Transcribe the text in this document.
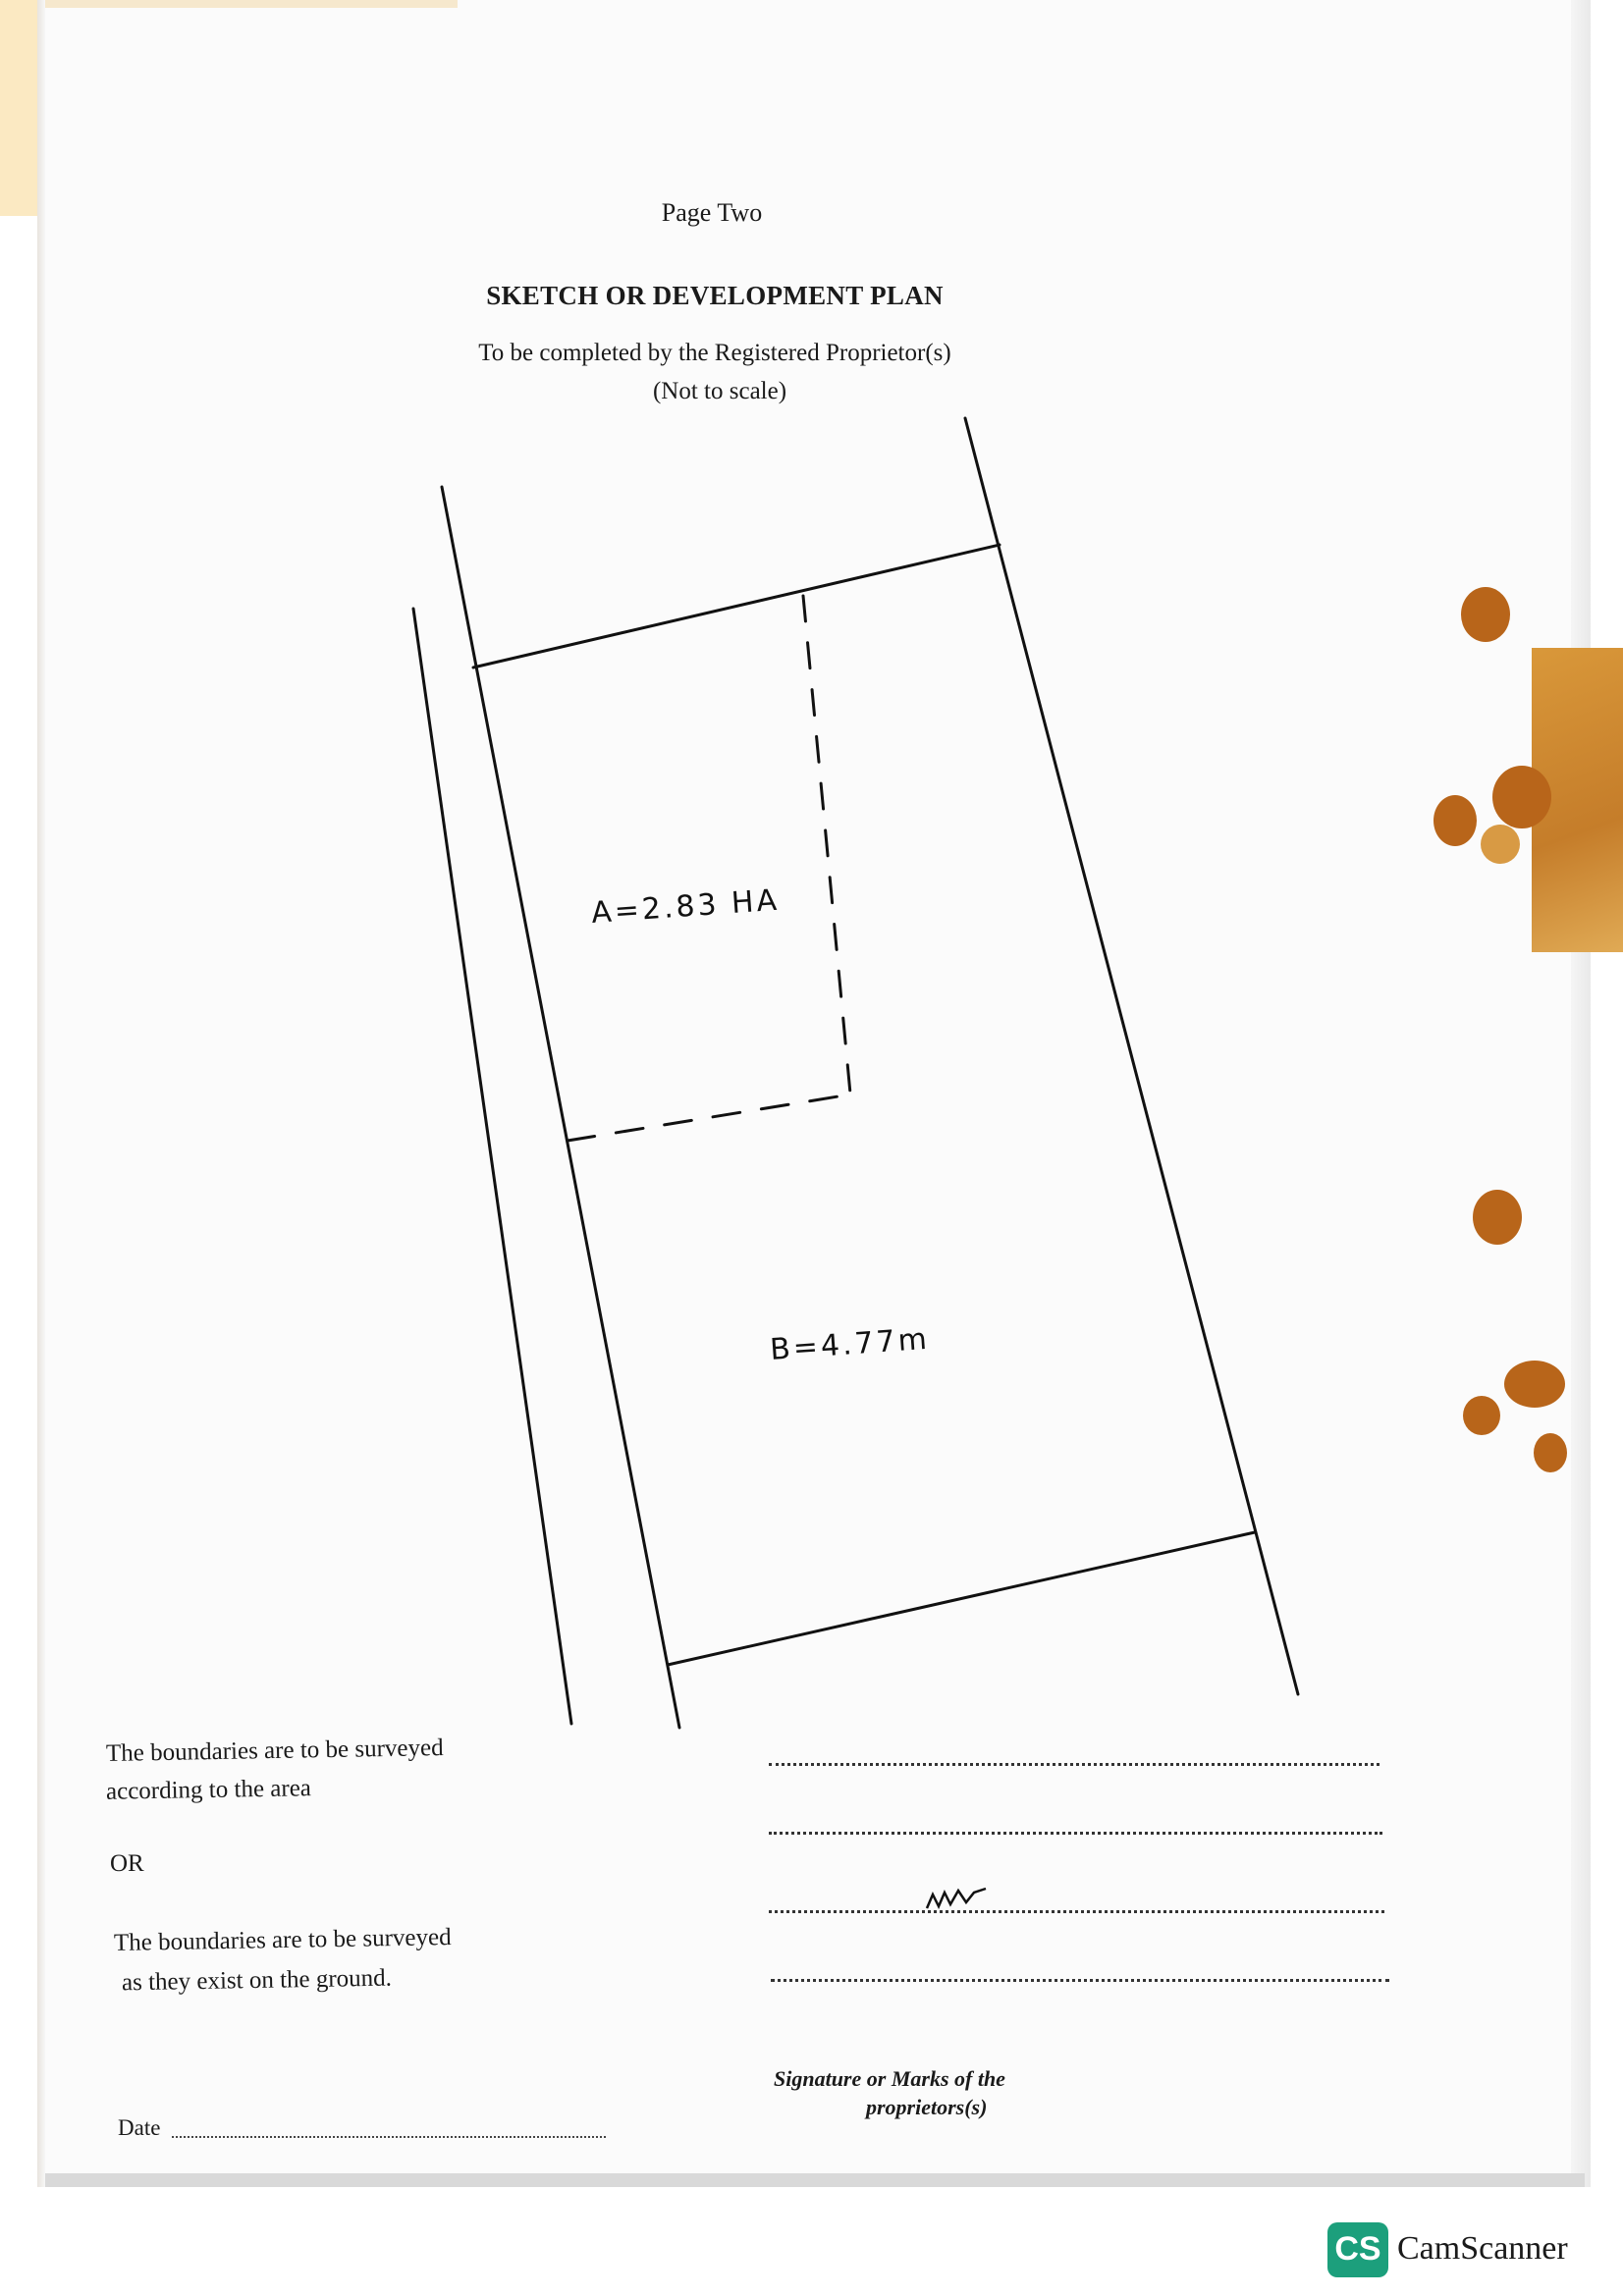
Page Two
SKETCH OR DEVELOPMENT PLAN
To be completed by the Registered Proprietor(s)
(Not to scale)
A=2.83 HA
B=4.77m
The boundaries are to be surveyed
according to the area
OR
The boundaries are to be surveyed
as they exist on the ground.
Signature or Marks of the
proprietors(s)
Date
CS CamScanner
